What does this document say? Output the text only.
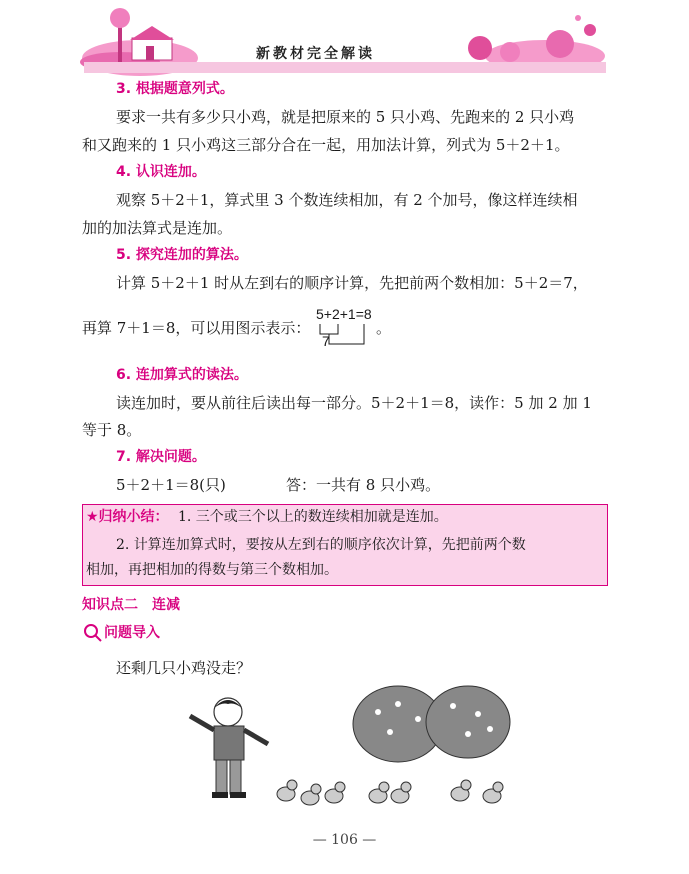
新教材完全解读
3. 根据题意列式。
要求一共有多少只小鸡，就是把原来的 5 只小鸡、先跑来的 2 只小鸡
和又跑来的 1 只小鸡这三部分合在一起，用加法计算，列式为 5＋2＋1。
4. 认识连加。
观察 5＋2＋1，算式里 3 个数连续相加，有 2 个加号，像这样连续相
加的加法算式是连加。
5. 探究连加的算法。
计算 5＋2＋1 时从左到右的顺序计算，先把前两个数相加：5＋2＝7，
再算 7＋1＝8，可以用图示表示：
5+2+1=8
7
。
6. 连加算式的读法。
读连加时，要从前往后读出每一部分。5＋2＋1＝8，读作：5 加 2 加 1
等于 8。
7. 解决问题。
5＋2＋1＝8(只)	答：一共有 8 只小鸡。
★归纳小结： 1. 三个或三个以上的数连续相加就是连加。
2. 计算连加算式时，要按从左到右的顺序依次计算，先把前两个数
相加，再把相加的得数与第三个数相加。
知识点二　连减
问题导入
还剩几只小鸡没走？
— 106 —
